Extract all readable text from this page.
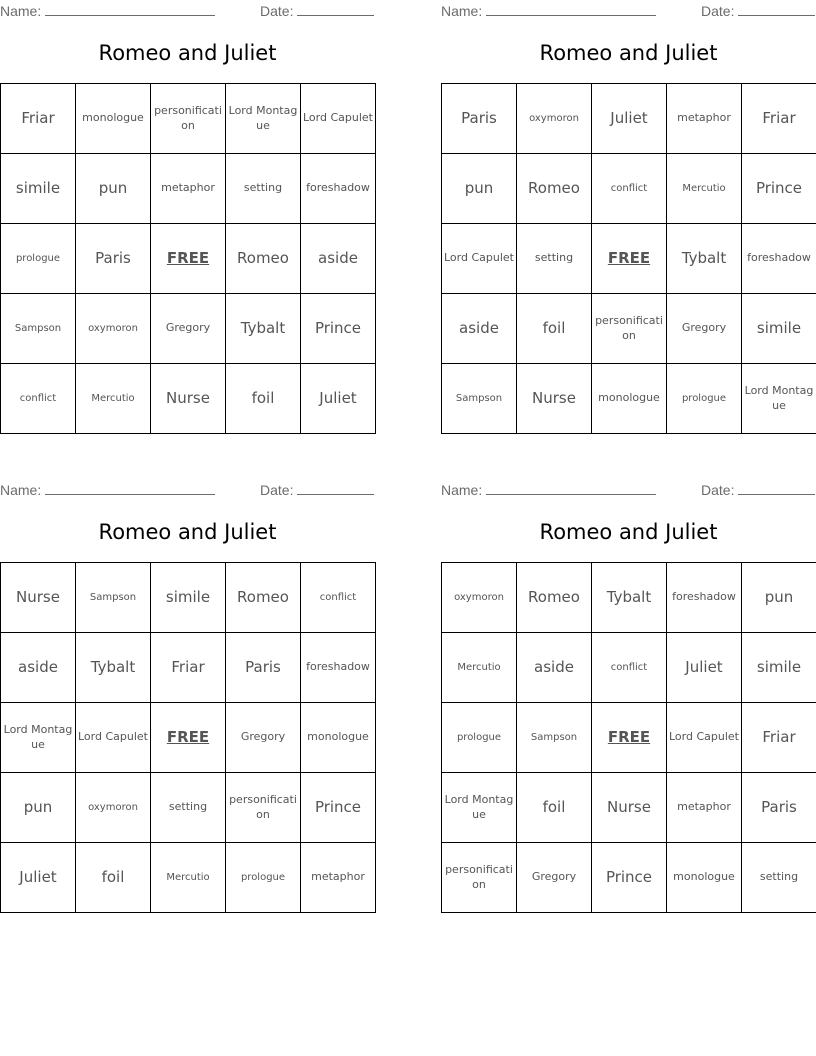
Name:	Date:
Romeo and Juliet
Friar	monologue	personification	Lord Montague	Lord Capulet
simile	pun	metaphor	setting	foreshadow
prologue	Paris	FREE	Romeo	aside
Sampson	oxymoron	Gregory	Tybalt	Prince
conflict	Mercutio	Nurse	foil	Juliet
Name:	Date:
Romeo and Juliet
Paris	oxymoron	Juliet	metaphor	Friar
pun	Romeo	conflict	Mercutio	Prince
Lord Capulet	setting	FREE	Tybalt	foreshadow
aside	foil	personification	Gregory	simile
Sampson	Nurse	monologue	prologue	Lord Montague
Name:	Date:
Romeo and Juliet
Nurse	Sampson	simile	Romeo	conflict
aside	Tybalt	Friar	Paris	foreshadow
Lord Montague	Lord Capulet	FREE	Gregory	monologue
pun	oxymoron	setting	personification	Prince
Juliet	foil	Mercutio	prologue	metaphor
Name:	Date:
Romeo and Juliet
oxymoron	Romeo	Tybalt	foreshadow	pun
Mercutio	aside	conflict	Juliet	simile
prologue	Sampson	FREE	Lord Capulet	Friar
Lord Montague	foil	Nurse	metaphor	Paris
personification	Gregory	Prince	monologue	setting
